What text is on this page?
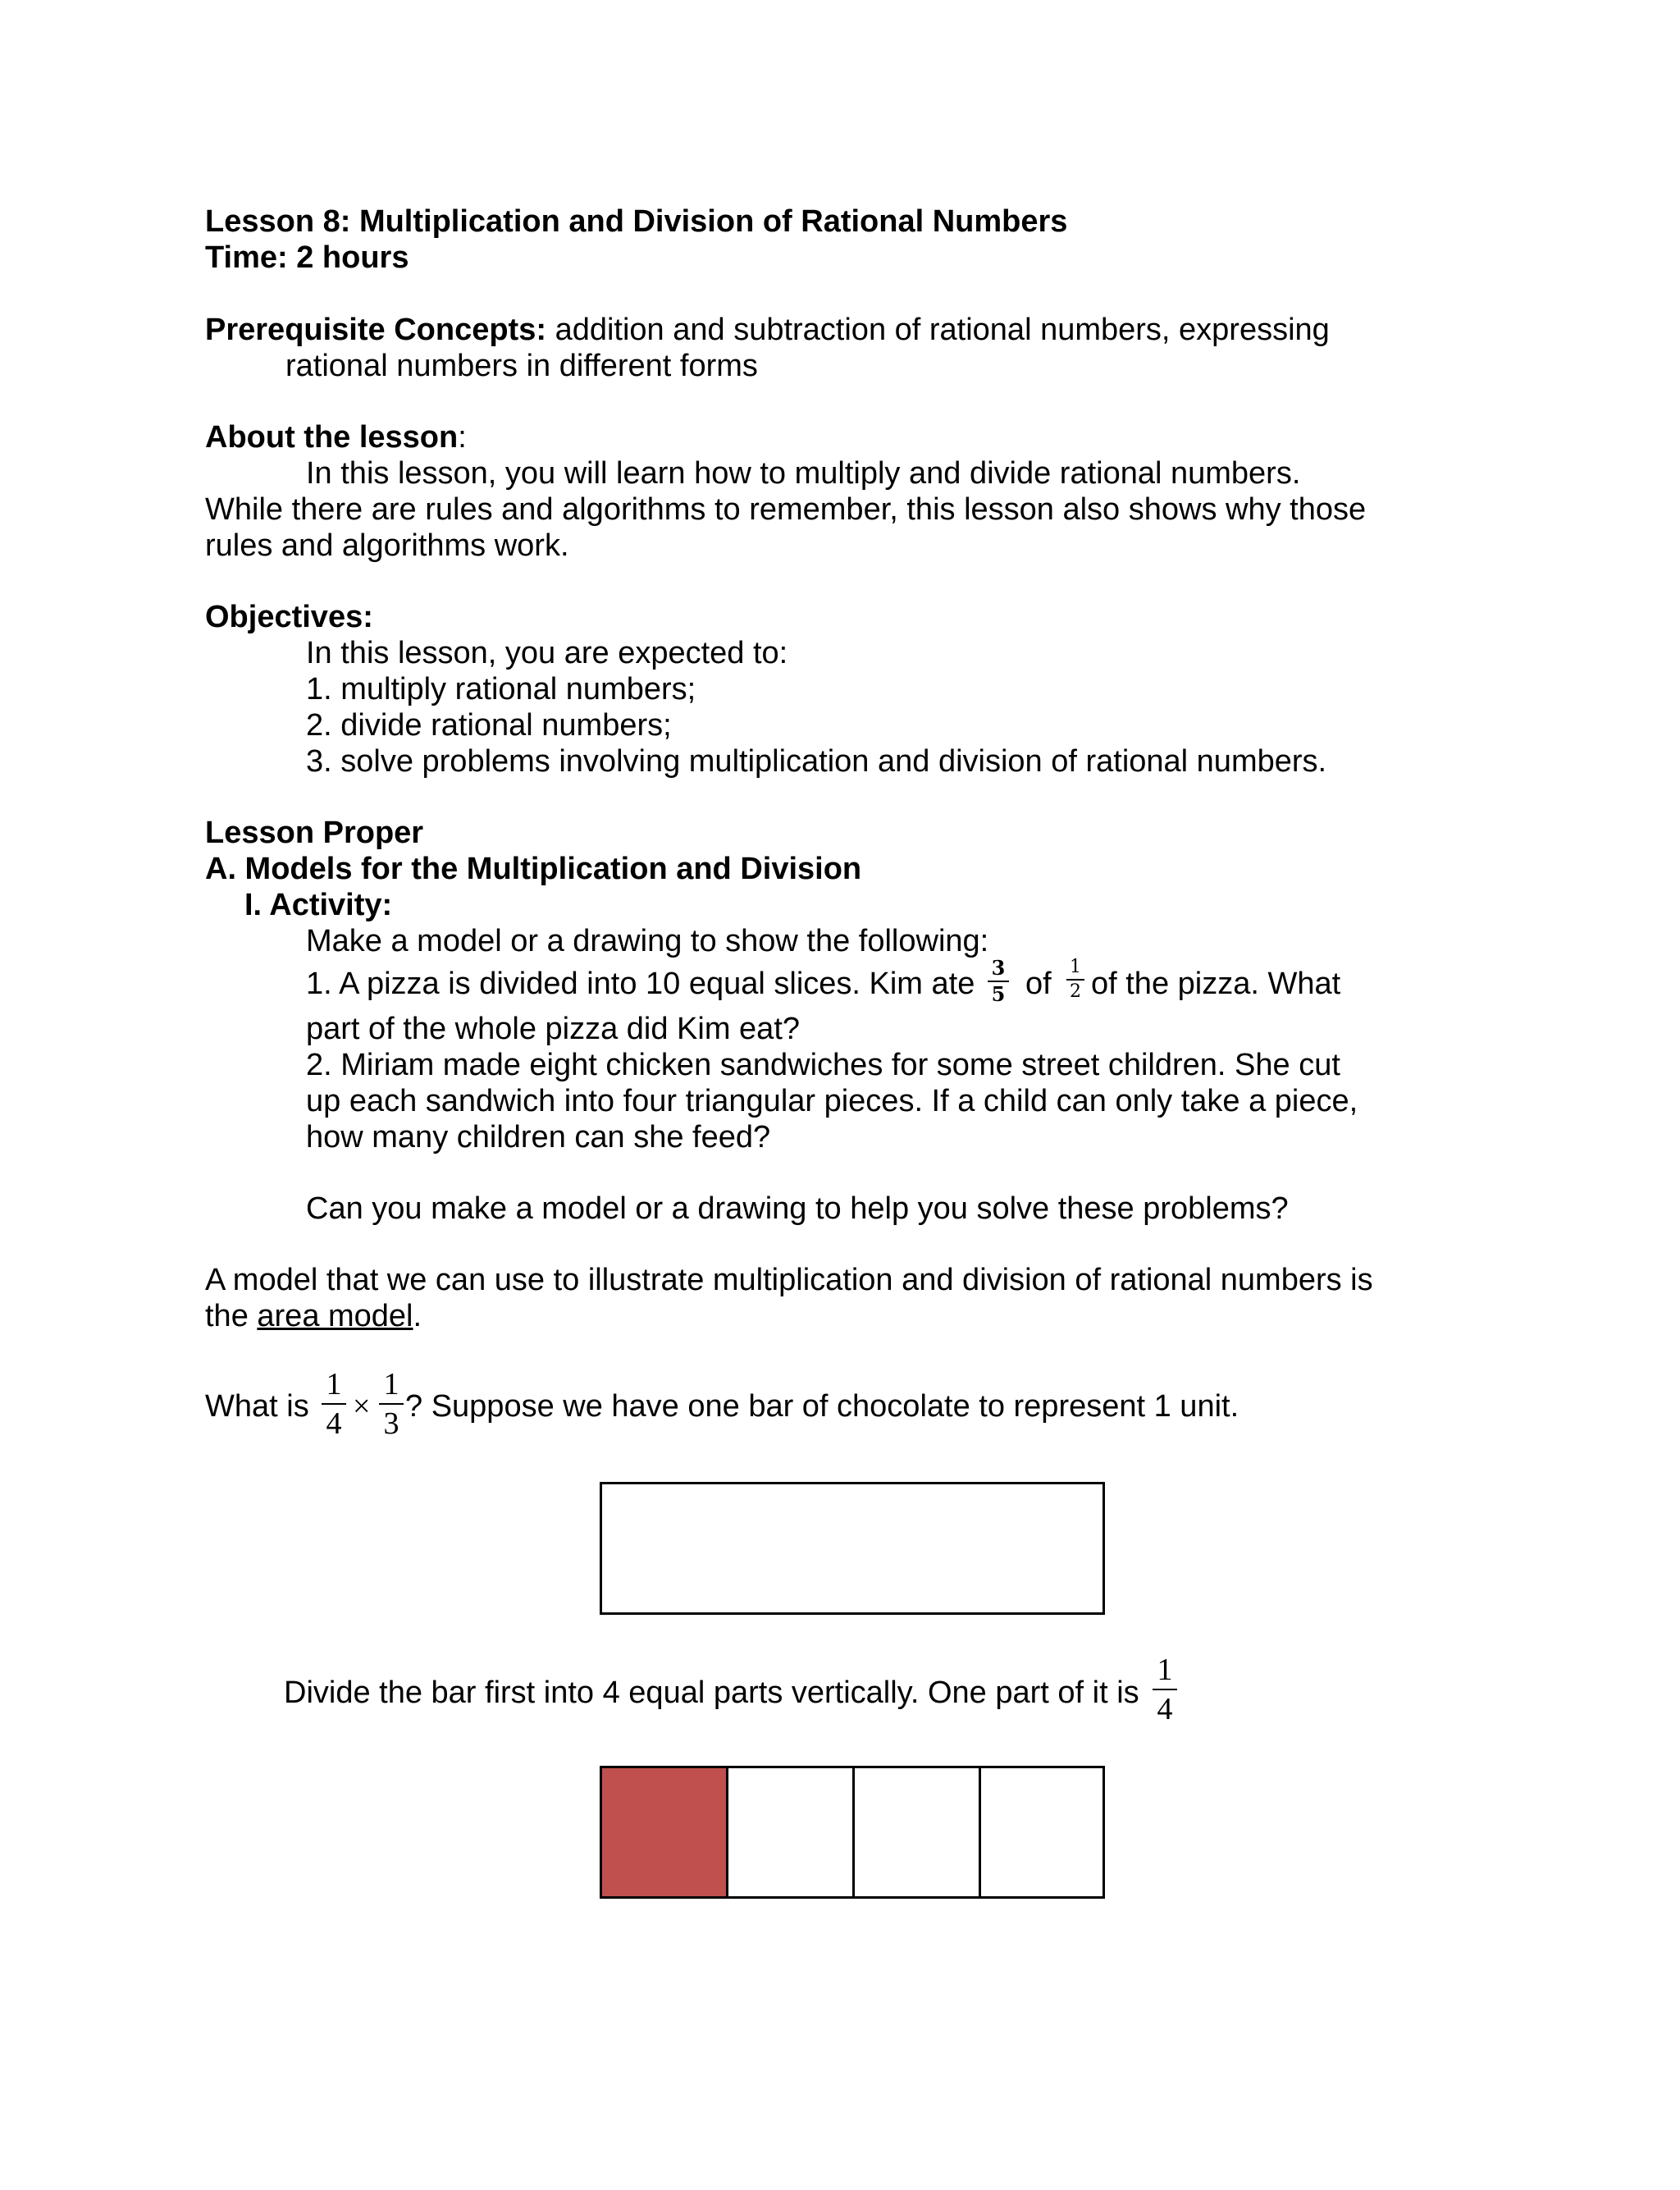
Lesson 8: Multiplication and Division of Rational Numbers
Time: 2 hours
Prerequisite Concepts: addition and subtraction of rational numbers, expressing
rational numbers in different forms
About the lesson:
In this lesson, you will learn how to multiply and divide rational numbers.
While there are rules and algorithms to remember, this lesson also shows why those
rules and algorithms work.
Objectives:
In this lesson, you are expected to:
1. multiply rational numbers;
2. divide rational numbers;
3. solve problems involving multiplication and division of rational numbers.
Lesson Proper
A. Models for the Multiplication and Division
I. Activity:
Make a model or a drawing to show the following:
1. A pizza is divided into 10 equal slices. Kim ate 3
5 of 1
2 of the pizza. What
part of the whole pizza did Kim eat?
2. Miriam made eight chicken sandwiches for some street children. She cut
up each sandwich into four triangular pieces. If a child can only take a piece,
how many children can she feed?
Can you make a model or a drawing to help you solve these problems?
A model that we can use to illustrate multiplication and division of rational numbers is
the area model.
What is
1
4 ×
1
3 ? Suppose we have one bar of chocolate to represent 1 unit.
Divide the bar first into 4 equal parts vertically. One part of it is
1
4
